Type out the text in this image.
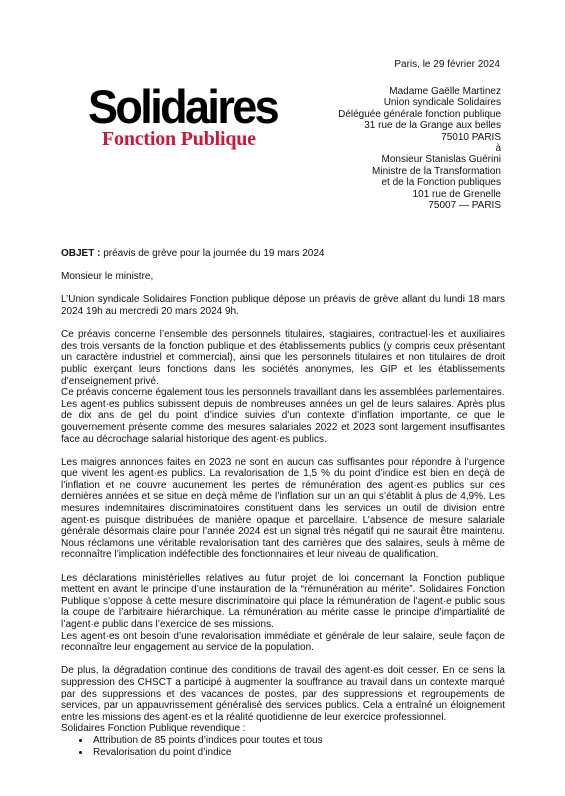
Solidaires
Fonction Publique
Paris, le 29 février 2024
Madame Gaëlle Martinez
Union syndicale Solidaires
Déléguée générale fonction publique
31 rue de la Grange aux belles
75010 PARIS
à
Monsieur Stanislas Guérini
Ministre de la Transformation
et de la Fonction publiques
101 rue de Grenelle
75007 — PARIS

OBJET : préavis de grève pour la journée du 19 mars 2024

Monsieur le ministre,

L’Union syndicale Solidaires Fonction publique dépose un préavis de grève allant du lundi 18 mars 2024 19h au mercredi 20 mars 2024 9h.

Ce préavis concerne l’ensemble des personnels titulaires, stagiaires, contractuel·les et auxiliaires des trois versants de la fonction publique et des établissements publics (y compris ceux présentant un caractère industriel et commercial), ainsi que les personnels titulaires et non titulaires de droit public exerçant leurs fonctions dans les sociétés anonymes, les GIP et les établissements d’enseignement privé.

Ce préavis concerne également tous les personnels travaillant dans les assemblées parlementaires.

Les agent·es publics subissent depuis de nombreuses années un gel de leurs salaires. Après plus de dix ans de gel du point d’indice suivies d’un contexte d’inflation importante, ce que le gouvernement présente comme des mesures salariales 2022 et 2023 sont largement insuffisantes face au décrochage salarial historique des agent·es publics.

Les maigres annonces faites en 2023 ne sont en aucun cas suffisantes pour répondre à l’urgence que vivent les agent·es publics. La revalorisation de 1,5 % du point d’indice est bien en deçà de l’inflation et ne couvre aucunement les pertes de rémunération des agent·es publics sur ces dernières années et se situe en deçà même de l’inflation sur un an qui s’établit à plus de 4,9%. Les mesures indemnitaires discriminatoires constituent dans les services un outil de division entre agent·es puisque distribuées de manière opaque et parcellaire. L’absence de mesure salariale générale désormais claire pour l’année 2024 est un signal très négatif qui ne saurait être maintenu. Nous réclamons une véritable revalorisation tant des carrières que des salaires, seuls à même de reconnaître l’implication indéfectible des fonctionnaires et leur niveau de qualification.

Les déclarations ministérielles relatives au futur projet de loi concernant la Fonction publique mettent en avant le principe d’une instauration de la “rémunération au mérite”. Solidaires Fonction Publique s’oppose à cette mesure discriminatoire qui place la rémunération de l’agent·e public sous la coupe de l’arbitraire hiérarchique. La rémunération au mérite casse le principe d’impartialité de l’agent·e public dans l’exercice de ses missions.

Les agent·es ont besoin d’une revalorisation immédiate et générale de leur salaire, seule façon de reconnaître leur engagement au service de la population.

De plus, la dégradation continue des conditions de travail des agent·es doit cesser. En ce sens la suppression des CHSCT a participé à augmenter la souffrance au travail dans un contexte marqué par des suppressions et des vacances de postes, par des suppressions et regroupements de services, par un appauvrissement généralisé des services publics. Cela a entraîné un éloignement entre les missions des agent·es et la réalité quotidienne de leur exercice professionnel.

Solidaires Fonction Publique revendique :

• Attribution de 85 points d’indices pour toutes et tous
• Revalorisation du point d’indice
